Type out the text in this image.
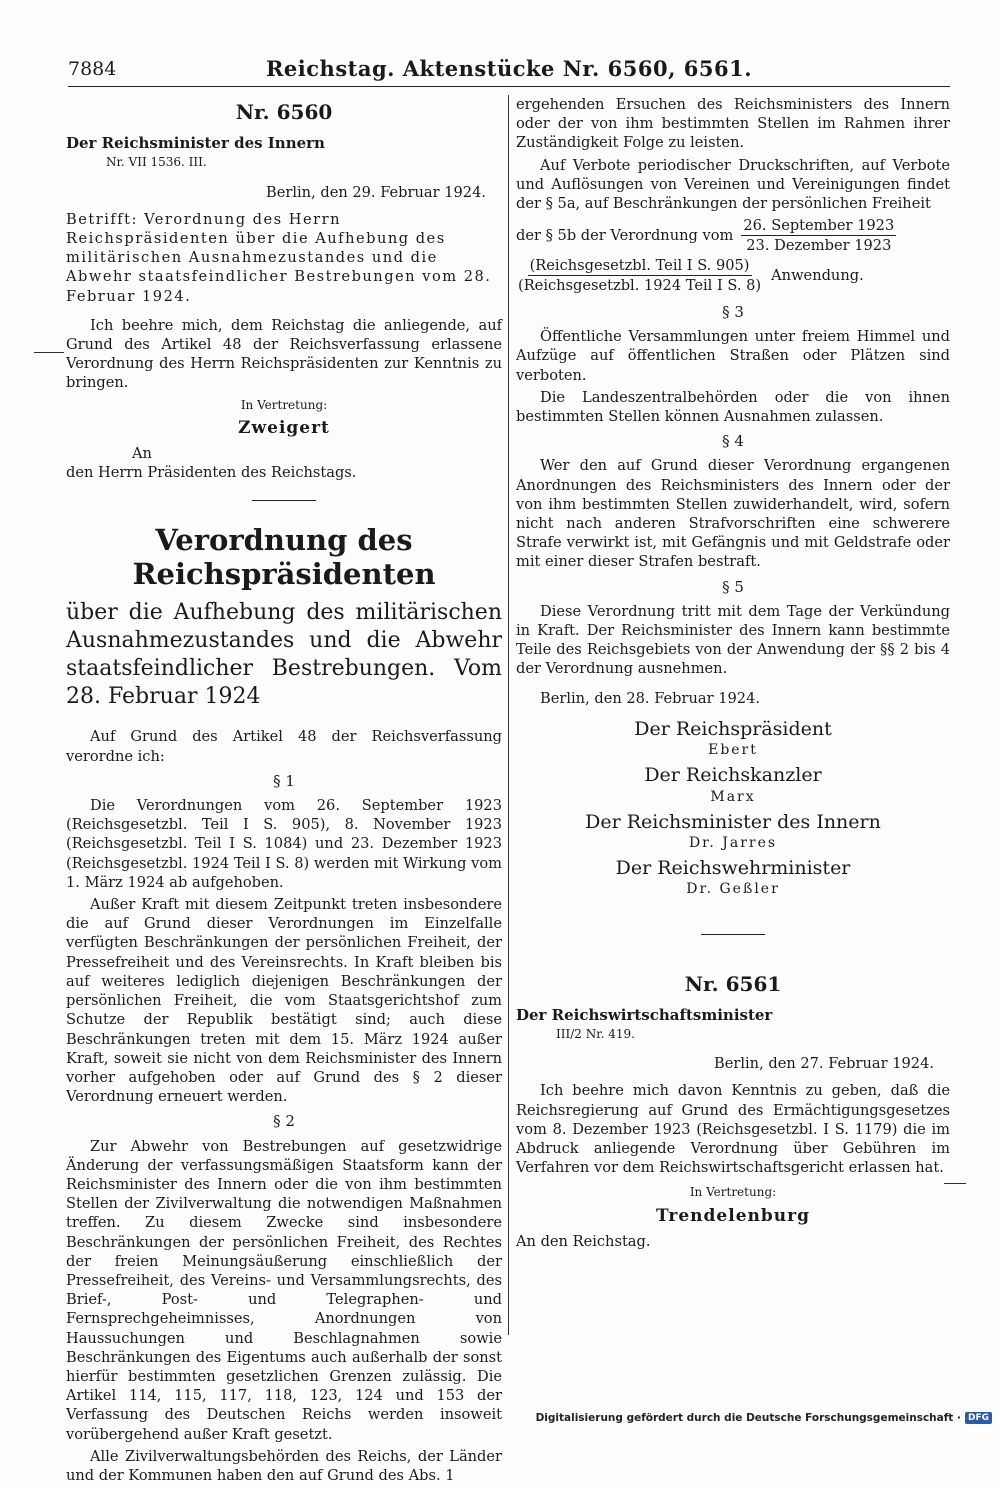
7884	Reichstag. Aktenstücke Nr. 6560, 6561.
Nr. 6560

Der Reichsminister des Innern

Nr. VII 1536. III.

Berlin, den 29. Februar 1924.

Betrifft: Verordnung des Herrn Reichspräsidenten über die Aufhebung des militärischen Ausnahmezustandes und die Abwehr staatsfeindlicher Bestrebungen vom 28. Februar 1924.

Ich beehre mich, dem Reichstag die anliegende, auf Grund des Artikel 48 der Reichsverfassung erlassene Verordnung des Herrn Reichspräsidenten zur Kenntnis zu bringen.

In Vertretung:

Zweigert

An

den Herrn Präsidenten des Reichstags.

Verordnung des Reichspräsidenten
über die Aufhebung des militärischen Ausnahmezustandes und die Abwehr staatsfeindlicher Bestrebungen. Vom 28. Februar 1924

Auf Grund des Artikel 48 der Reichsverfassung verordne ich:

§ 1

Die Verordnungen vom 26. September 1923 (Reichsgesetzbl. Teil I S. 905), 8. November 1923 (Reichsgesetzbl. Teil I S. 1084) und 23. Dezember 1923 (Reichsgesetzbl. 1924 Teil I S. 8) werden mit Wirkung vom 1. März 1924 ab aufgehoben.

Außer Kraft mit diesem Zeitpunkt treten insbesondere die auf Grund dieser Verordnungen im Einzelfalle verfügten Beschränkungen der persönlichen Freiheit, der Pressefreiheit und des Vereinsrechts. In Kraft bleiben bis auf weiteres lediglich diejenigen Beschränkungen der persönlichen Freiheit, die vom Staatsgerichtshof zum Schutze der Republik bestätigt sind; auch diese Beschränkungen treten mit dem 15. März 1924 außer Kraft, soweit sie nicht von dem Reichsminister des Innern vorher aufgehoben oder auf Grund des § 2 dieser Verordnung erneuert werden.

§ 2

Zur Abwehr von Bestrebungen auf gesetzwidrige Änderung der verfassungsmäßigen Staatsform kann der Reichsminister des Innern oder die von ihm bestimmten Stellen der Zivilverwaltung die notwendigen Maßnahmen treffen. Zu diesem Zwecke sind insbesondere Beschränkungen der persönlichen Freiheit, des Rechtes der freien Meinungsäußerung einschließlich der Pressefreiheit, des Vereins- und Versammlungsrechts, des Brief-, Post- und Telegraphen- und Fernsprechgeheimnisses, Anordnungen von Haussuchungen und Beschlagnahmen sowie Beschränkungen des Eigentums auch außerhalb der sonst hierfür bestimmten gesetzlichen Grenzen zulässig. Die Artikel 114, 115, 117, 118, 123, 124 und 153 der Verfassung des Deutschen Reichs werden insoweit vorübergehend außer Kraft gesetzt.

Alle Zivilverwaltungsbehörden des Reichs, der Länder und der Kommunen haben den auf Grund des Abs. 1

ergehenden Ersuchen des Reichsministers des Innern oder der von ihm bestimmten Stellen im Rahmen ihrer Zuständigkeit Folge zu leisten.

Auf Verbote periodischer Druckschriften, auf Verbote und Auflösungen von Vereinen und Vereinigungen findet der § 5a, auf Beschränkungen der persönlichen Freiheit

der § 5b der Verordnung vom $\frac{\text{26. September 1923}}{\text{23. Dezember 1923}}$
$\frac{\text{(Reichsgesetzbl. Teil I S. 905)}}{\text{(Reichsgesetzbl. 1924 Teil I S. 8)}}$ Anwendung.
§ 3

Öffentliche Versammlungen unter freiem Himmel und Aufzüge auf öffentlichen Straßen oder Plätzen sind verboten.

Die Landeszentralbehörden oder die von ihnen bestimmten Stellen können Ausnahmen zulassen.

§ 4

Wer den auf Grund dieser Verordnung ergangenen Anordnungen des Reichsministers des Innern oder der von ihm bestimmten Stellen zuwiderhandelt, wird, sofern nicht nach anderen Strafvorschriften eine schwerere Strafe verwirkt ist, mit Gefängnis und mit Geldstrafe oder mit einer dieser Strafen bestraft.

§ 5

Diese Verordnung tritt mit dem Tage der Verkündung in Kraft. Der Reichsminister des Innern kann bestimmte Teile des Reichsgebiets von der Anwendung der §§ 2 bis 4 der Verordnung ausnehmen.

Berlin, den 28. Februar 1924.

Der Reichspräsident
Ebert
Der Reichskanzler
Marx
Der Reichsminister des Innern
Dr. Jarres
Der Reichswehrminister
Dr. Geßler
Nr. 6561

Der Reichswirtschaftsminister

III/2 Nr. 419.

Berlin, den 27. Februar 1924.

Ich beehre mich davon Kenntnis zu geben, daß die Reichsregierung auf Grund des Ermächtigungsgesetzes vom 8. Dezember 1923 (Reichsgesetzbl. I S. 1179) die im Abdruck anliegende Verordnung über Gebühren im Verfahren vor dem Reichswirtschaftsgericht erlassen hat.

In Vertretung:

Trendelenburg

An den Reichstag.

Digitalisierung gefördert durch die Deutsche Forschungsgemeinschaft · DFG
